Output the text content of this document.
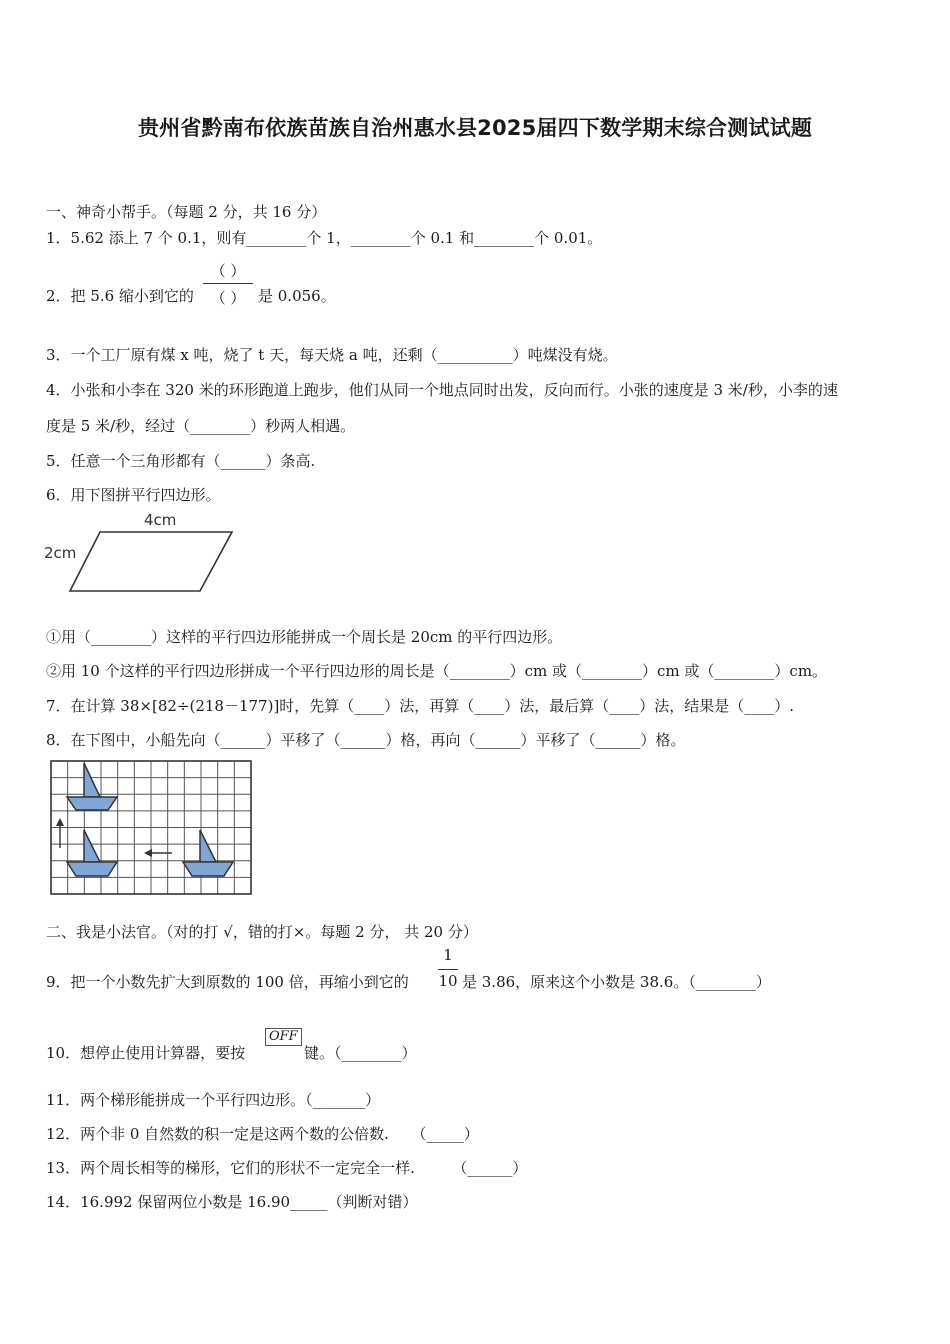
贵州省黔南布依族苗族自治州惠水县2025届四下数学期末综合测试试题
一、神奇小帮手。（每题 2 分，共 16 分）
1．5.62 添上 7 个 0.1，则有________个 1，________个 0.1 和________个 0.01。
2．把 5.6 缩小到它的
（ ）
（ ） 是 0.056。
3．一个工厂原有煤 x 吨，烧了 t 天，每天烧 a 吨，还剩（__________）吨煤没有烧。
4．小张和小李在 320 米的环形跑道上跑步，他们从同一个地点同时出发，反向而行。小张的速度是 3 米/秒，小李的速
度是 5 米/秒，经过（________）秒两人相遇。
5．任意一个三角形都有（______）条高.
6．用下图拼平行四边形。
4cm
2cm
①用（________）这样的平行四边形能拼成一个周长是 20cm 的平行四边形。
②用 10 个这样的平行四边形拼成一个平行四边形的周长是（________）cm 或（________）cm 或（________）cm。
7．在计算 38×[82÷(218－177)]时，先算（____）法，再算（____）法，最后算（____）法，结果是（____）.
8．在下图中，小船先向（______）平移了（______）格，再向（______）平移了（______）格。
二、我是小法官。（对的打 √，错的打×。每题 2 分， 共 20 分）
9．把一个小数先扩大到原数的 100 倍，再缩小到它的
1
10 是 3.86，原来这个小数是 38.6。（________）
10．想停止使用计算器，要按
OFF
键。（________）
11．两个梯形能拼成一个平行四边形。（_______）
12．两个非 0 自然数的积一定是这两个数的公倍数.　　（_____）
13．两个周长相等的梯形，它们的形状不一定完全一样.　　　（______）
14．16.992 保留两位小数是 16.90_____（判断对错）
